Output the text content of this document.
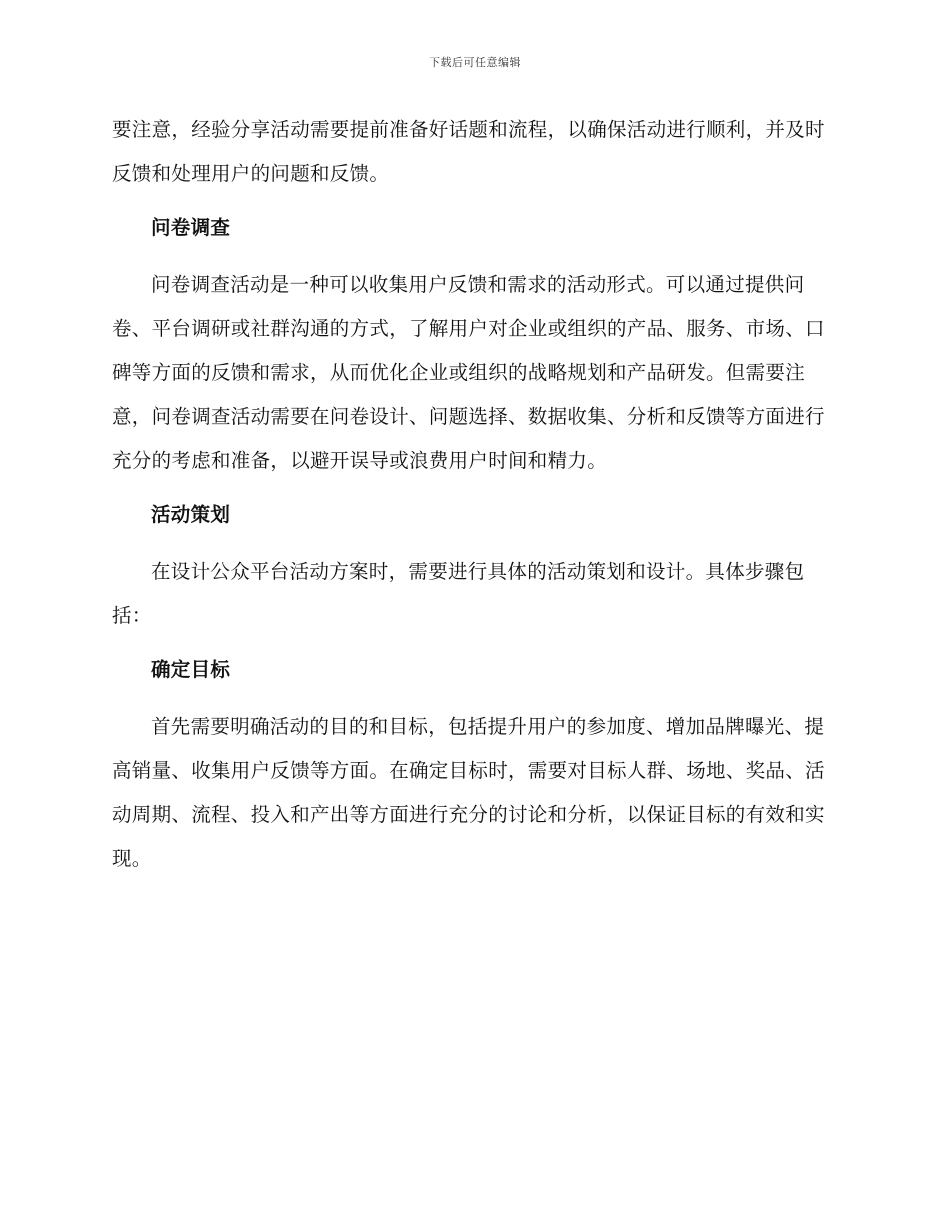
下载后可任意编辑

要注意，经验分享活动需要提前准备好话题和流程，以确保活动进行顺利，并及时反馈和处理用户的问题和反馈。

问卷调查

问卷调查活动是一种可以收集用户反馈和需求的活动形式。可以通过提供问卷、平台调研或社群沟通的方式，了解用户对企业或组织的产品、服务、市场、口碑等方面的反馈和需求，从而优化企业或组织的战略规划和产品研发。但需要注意，问卷调查活动需要在问卷设计、问题选择、数据收集、分析和反馈等方面进行充分的考虑和准备，以避开误导或浪费用户时间和精力。

活动策划

在设计公众平台活动方案时，需要进行具体的活动策划和设计。具体步骤包括：

确定目标

首先需要明确活动的目的和目标，包括提升用户的参加度、增加品牌曝光、提高销量、收集用户反馈等方面。在确定目标时，需要对目标人群、场地、奖品、活动周期、流程、投入和产出等方面进行充分的讨论和分析，以保证目标的有效和实现。
